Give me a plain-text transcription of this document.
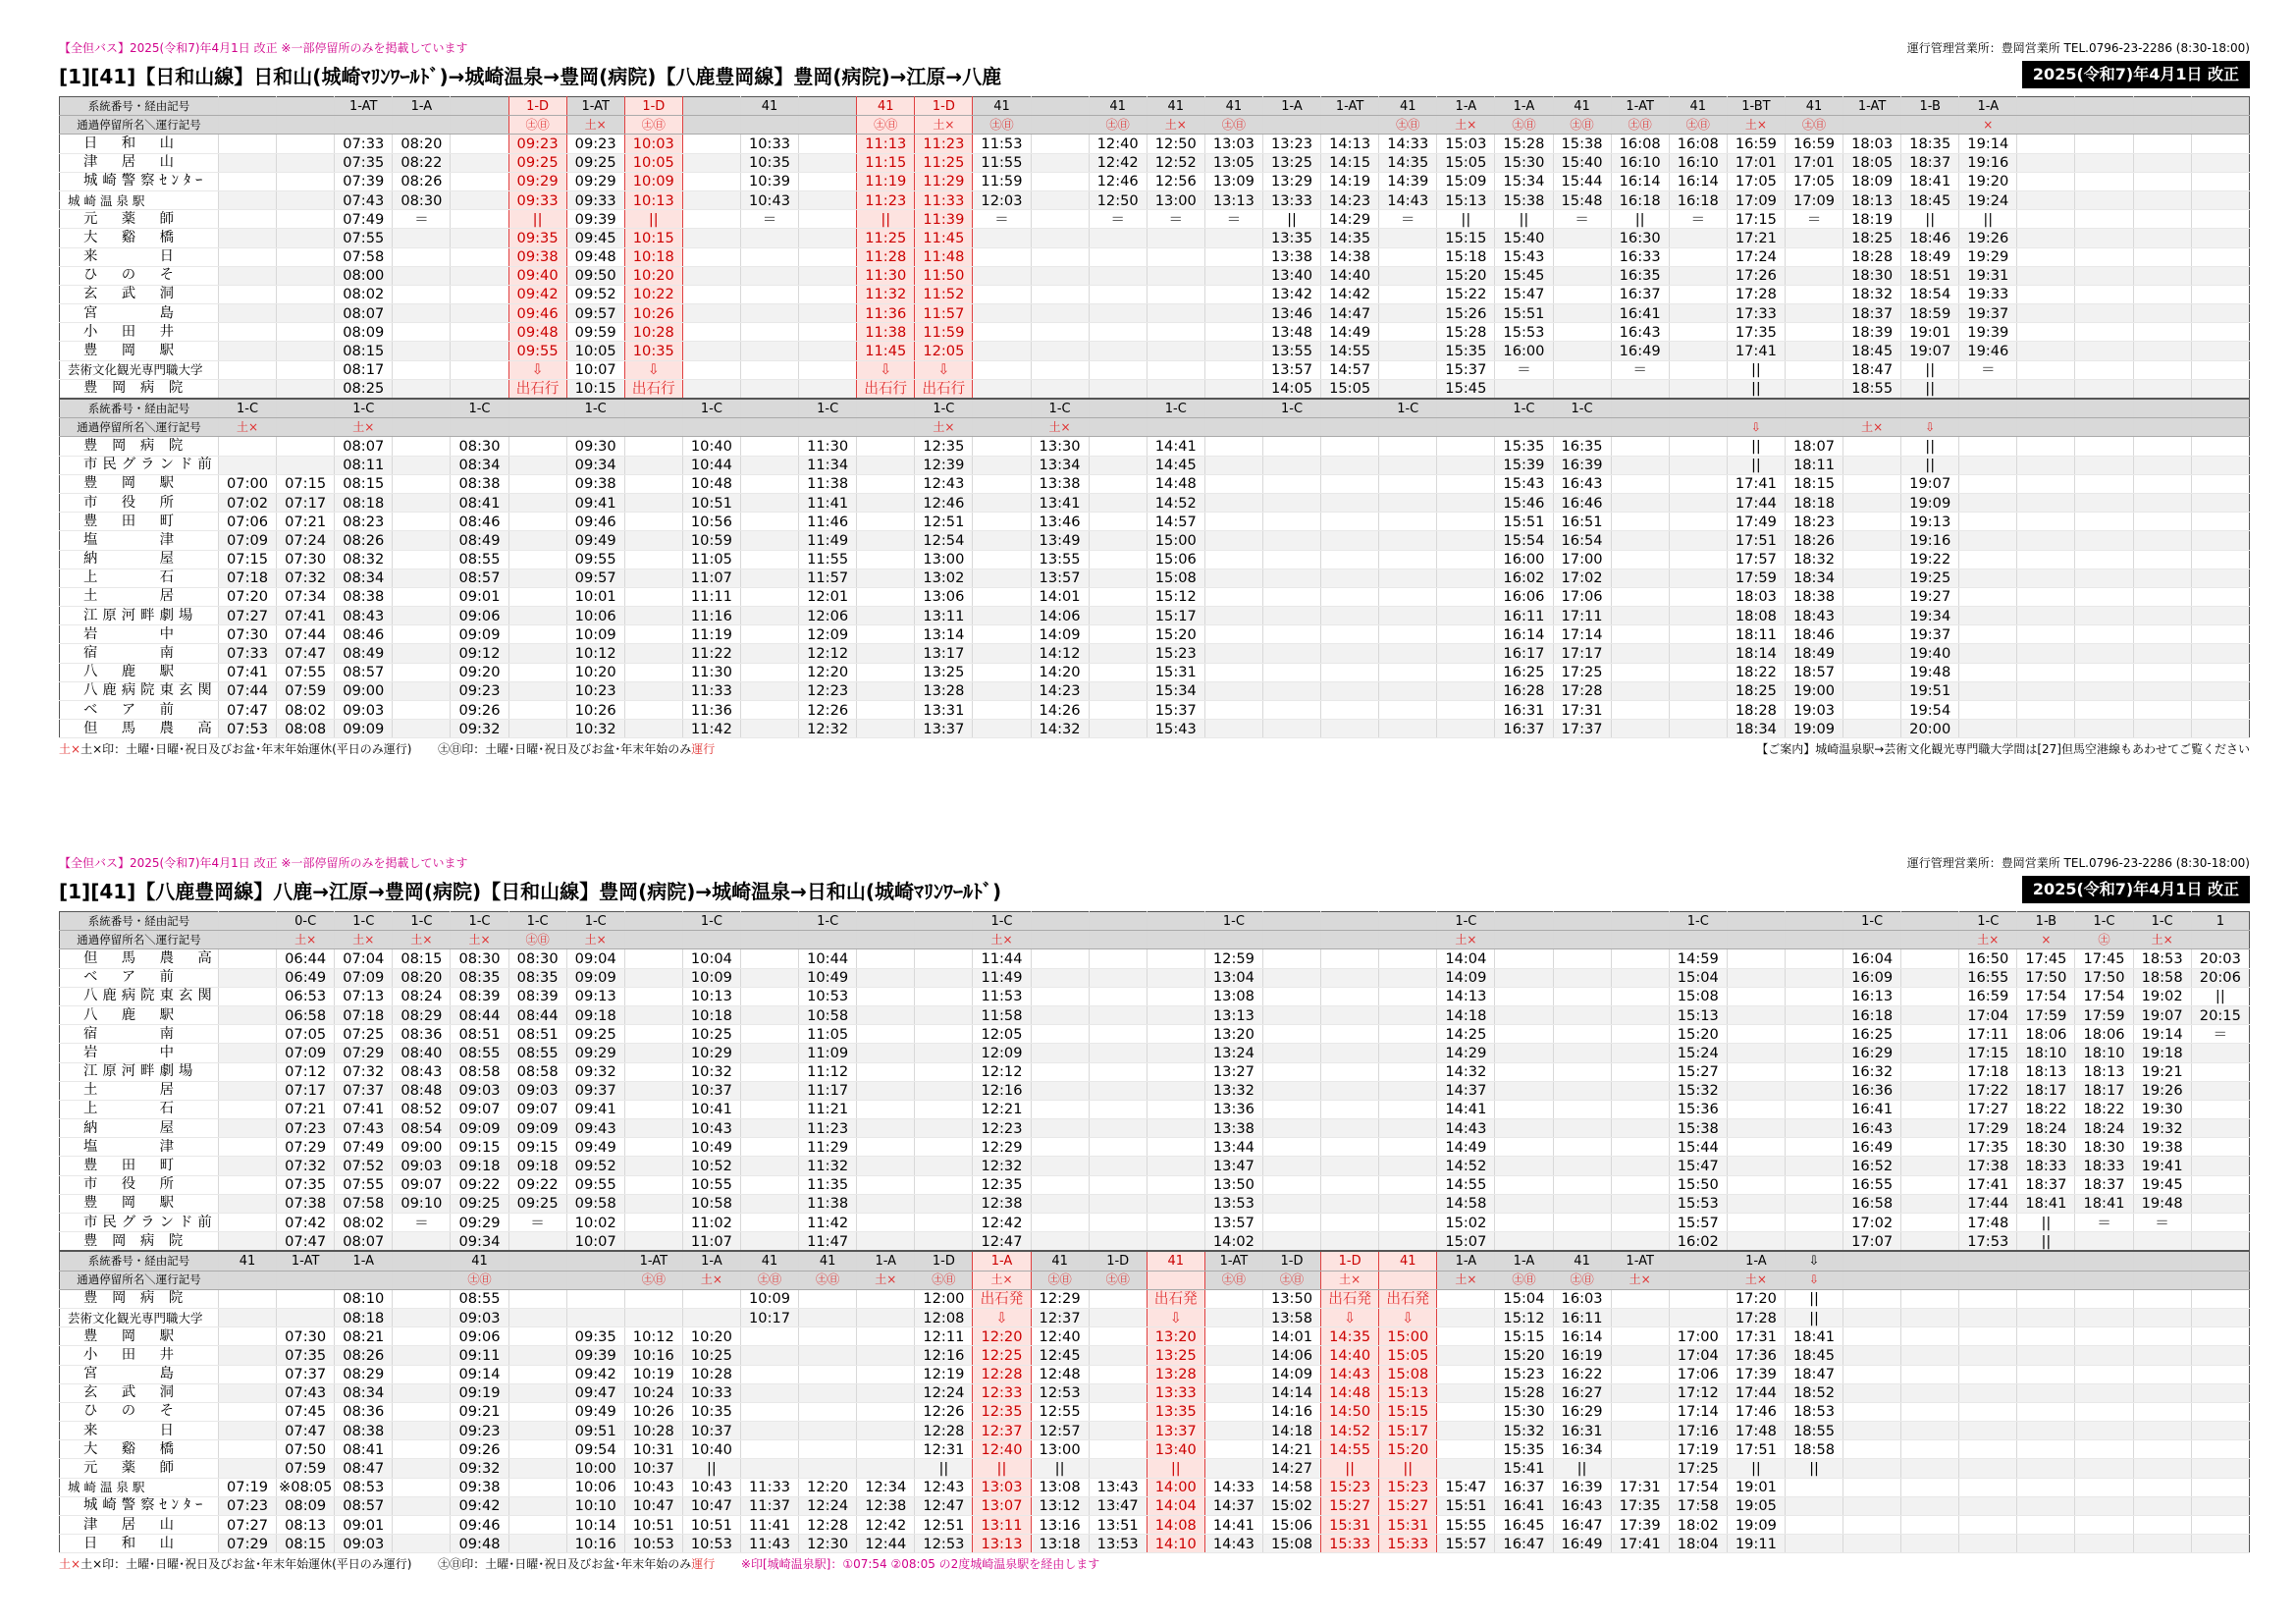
【全但バス】2025(令和7)年4月1日 改正 ※一部停留所のみを掲載しています	運行管理営業所：豊岡営業所 TEL.0796-23-2286 (8:30-18:00)
[1][41]【日和山線】日和山(城崎ﾏﾘﾝﾜｰﾙﾄﾞ)→城崎温泉→豊岡(病院)【八鹿豊岡線】豊岡(病院)→江原→八鹿	2025(令和7)年4月1日 改正
系統番号・経由記号			1-AT	1-A		1-D	1-AT	1-D		41		41	1-D	41		41	41	41	1-A	1-AT	41	1-A	1-A	41	1-AT	41	1-BT	41	1-AT	1-B	1-A				
通過停留所名＼運行記号						㊏㊐	土×	㊏㊐				㊏㊐	土×	㊏㊐		㊏㊐	土×	㊏㊐			㊏㊐	土×	㊏㊐	㊏㊐	㊏㊐	㊏㊐	土×	㊏㊐			×				
日　和　山			07:33	08:20		09:23	09:23	10:03		10:33		11:13	11:23	11:53		12:40	12:50	13:03	13:23	14:13	14:33	15:03	15:28	15:38	16:08	16:08	16:59	16:59	18:03	18:35	19:14				
津　居　山			07:35	08:22		09:25	09:25	10:05		10:35		11:15	11:25	11:55		12:42	12:52	13:05	13:25	14:15	14:35	15:05	15:30	15:40	16:10	16:10	17:01	17:01	18:05	18:37	19:16				
城崎警察ｾﾝﾀｰ			07:39	08:26		09:29	09:29	10:09		10:39		11:19	11:29	11:59		12:46	12:56	13:09	13:29	14:19	14:39	15:09	15:34	15:44	16:14	16:14	17:05	17:05	18:09	18:41	19:20				
城 崎 温 泉 駅			07:43	08:30		09:33	09:33	10:13		10:43		11:23	11:33	12:03		12:50	13:00	13:13	13:33	14:23	14:43	15:13	15:38	15:48	16:18	16:18	17:09	17:09	18:13	18:45	19:24				
元　薬　師			07:49	＝		||	09:39	||		＝		||	11:39	＝		＝	＝	＝	||	14:29	＝	||	||	＝	||	＝	17:15	＝	18:19	||	||				
大　谿　橋			07:55			09:35	09:45	10:15				11:25	11:45						13:35	14:35		15:15	15:40		16:30		17:21		18:25	18:46	19:26				
来　　　日			07:58			09:38	09:48	10:18				11:28	11:48						13:38	14:38		15:18	15:43		16:33		17:24		18:28	18:49	19:29				
ひ　の　そ			08:00			09:40	09:50	10:20				11:30	11:50						13:40	14:40		15:20	15:45		16:35		17:26		18:30	18:51	19:31				
玄　武　洞			08:02			09:42	09:52	10:22				11:32	11:52						13:42	14:42		15:22	15:47		16:37		17:28		18:32	18:54	19:33				
宮　　　島			08:07			09:46	09:57	10:26				11:36	11:57						13:46	14:47		15:26	15:51		16:41		17:33		18:37	18:59	19:37				
小　田　井			08:09			09:48	09:59	10:28				11:38	11:59						13:48	14:49		15:28	15:53		16:43		17:35		18:39	19:01	19:39				
豊　岡　駅			08:15			09:55	10:05	10:35				11:45	12:05						13:55	14:55		15:35	16:00		16:49		17:41		18:45	19:07	19:46				
芸術文化観光専門職大学			08:17			⇩	10:07	⇩				⇩	⇩						13:57	14:57		15:37	＝		＝		||		18:47	||	＝				
豊 岡 病 院			08:25			出石行	10:15	出石行				出石行	出石行						14:05	15:05		15:45					||		18:55	||					
系統番号・経由記号	1-C		1-C		1-C		1-C		1-C		1-C		1-C		1-C		1-C		1-C		1-C		1-C	1-C											
通過停留所名＼運行記号	土×		土×										土×		土×												⇩		土×	⇩					
豊 岡 病 院			08:07		08:30		09:30		10:40		11:30		12:35		13:30		14:41						15:35	16:35			||	18:07		||					
市民グランド前			08:11		08:34		09:34		10:44		11:34		12:39		13:34		14:45						15:39	16:39			||	18:11		||					
豊　岡　駅	07:00	07:15	08:15		08:38		09:38		10:48		11:38		12:43		13:38		14:48						15:43	16:43			17:41	18:15		19:07					
市　役　所	07:02	07:17	08:18		08:41		09:41		10:51		11:41		12:46		13:41		14:52						15:46	16:46			17:44	18:18		19:09					
豊　田　町	07:06	07:21	08:23		08:46		09:46		10:56		11:46		12:51		13:46		14:57						15:51	16:51			17:49	18:23		19:13					
塩　　　津	07:09	07:24	08:26		08:49		09:49		10:59		11:49		12:54		13:49		15:00						15:54	16:54			17:51	18:26		19:16					
納　　　屋	07:15	07:30	08:32		08:55		09:55		11:05		11:55		13:00		13:55		15:06						16:00	17:00			17:57	18:32		19:22					
上　　　石	07:18	07:32	08:34		08:57		09:57		11:07		11:57		13:02		13:57		15:08						16:02	17:02			17:59	18:34		19:25					
土　　　居	07:20	07:34	08:38		09:01		10:01		11:11		12:01		13:06		14:01		15:12						16:06	17:06			18:03	18:38		19:27					
江原河畔劇場	07:27	07:41	08:43		09:06		10:06		11:16		12:06		13:11		14:06		15:17						16:11	17:11			18:08	18:43		19:34					
岩　　　中	07:30	07:44	08:46		09:09		10:09		11:19		12:09		13:14		14:09		15:20						16:14	17:14			18:11	18:46		19:37					
宿　　　南	07:33	07:47	08:49		09:12		10:12		11:22		12:12		13:17		14:12		15:23						16:17	17:17			18:14	18:49		19:40					
八　鹿　駅	07:41	07:55	08:57		09:20		10:20		11:30		12:20		13:25		14:20		15:31						16:25	17:25			18:22	18:57		19:48					
八鹿病院東玄関	07:44	07:59	09:00		09:23		10:23		11:33		12:23		13:28		14:23		15:34						16:28	17:28			18:25	19:00		19:51					
ベ　ア　前	07:47	08:02	09:03		09:26		10:26		11:36		12:26		13:31		14:26		15:37						16:31	17:31			18:28	19:03		19:54					
但　馬　農　高	07:53	08:08	09:09		09:32		10:32		11:42		12:32		13:37		14:32		15:43						16:37	17:37			18:34	19:09		20:00					
土×土×印：土曜･日曜･祝日及びお盆･年末年始運休(平日のみ運行) ㊏㊐印：土曜･日曜･祝日及びお盆･年末年始のみ運行	【ご案内】城崎温泉駅→芸術文化観光専門職大学間は[27]但馬空港線もあわせてご覧ください
【全但バス】2025(令和7)年4月1日 改正 ※一部停留所のみを掲載しています	運行管理営業所：豊岡営業所 TEL.0796-23-2286 (8:30-18:00)
[1][41]【八鹿豊岡線】八鹿→江原→豊岡(病院)【日和山線】豊岡(病院)→城崎温泉→日和山(城崎ﾏﾘﾝﾜｰﾙﾄﾞ)	2025(令和7)年4月1日 改正
系統番号・経由記号		0-C	1-C	1-C	1-C	1-C	1-C		1-C		1-C			1-C				1-C				1-C				1-C			1-C		1-C	1-B	1-C	1-C	1
通過停留所名＼運行記号		土×	土×	土×	土×	㊏㊐	土×							土×								土×									土×	×	㊏	土×	
但　馬　農　高		06:44	07:04	08:15	08:30	08:30	09:04		10:04		10:44			11:44				12:59				14:04				14:59			16:04		16:50	17:45	17:45	18:53	20:03
ベ　ア　前		06:49	07:09	08:20	08:35	08:35	09:09		10:09		10:49			11:49				13:04				14:09				15:04			16:09		16:55	17:50	17:50	18:58	20:06
八鹿病院東玄関		06:53	07:13	08:24	08:39	08:39	09:13		10:13		10:53			11:53				13:08				14:13				15:08			16:13		16:59	17:54	17:54	19:02	||
八　鹿　駅		06:58	07:18	08:29	08:44	08:44	09:18		10:18		10:58			11:58				13:13				14:18				15:13			16:18		17:04	17:59	17:59	19:07	20:15
宿　　　南		07:05	07:25	08:36	08:51	08:51	09:25		10:25		11:05			12:05				13:20				14:25				15:20			16:25		17:11	18:06	18:06	19:14	＝
岩　　　中		07:09	07:29	08:40	08:55	08:55	09:29		10:29		11:09			12:09				13:24				14:29				15:24			16:29		17:15	18:10	18:10	19:18	
江原河畔劇場		07:12	07:32	08:43	08:58	08:58	09:32		10:32		11:12			12:12				13:27				14:32				15:27			16:32		17:18	18:13	18:13	19:21	
土　　　居		07:17	07:37	08:48	09:03	09:03	09:37		10:37		11:17			12:16				13:32				14:37				15:32			16:36		17:22	18:17	18:17	19:26	
上　　　石		07:21	07:41	08:52	09:07	09:07	09:41		10:41		11:21			12:21				13:36				14:41				15:36			16:41		17:27	18:22	18:22	19:30	
納　　　屋		07:23	07:43	08:54	09:09	09:09	09:43		10:43		11:23			12:23				13:38				14:43				15:38			16:43		17:29	18:24	18:24	19:32	
塩　　　津		07:29	07:49	09:00	09:15	09:15	09:49		10:49		11:29			12:29				13:44				14:49				15:44			16:49		17:35	18:30	18:30	19:38	
豊　田　町		07:32	07:52	09:03	09:18	09:18	09:52		10:52		11:32			12:32				13:47				14:52				15:47			16:52		17:38	18:33	18:33	19:41	
市　役　所		07:35	07:55	09:07	09:22	09:22	09:55		10:55		11:35			12:35				13:50				14:55				15:50			16:55		17:41	18:37	18:37	19:45	
豊　岡　駅		07:38	07:58	09:10	09:25	09:25	09:58		10:58		11:38			12:38				13:53				14:58				15:53			16:58		17:44	18:41	18:41	19:48	
市民グランド前		07:42	08:02	＝	09:29	＝	10:02		11:02		11:42			12:42				13:57				15:02				15:57			17:02		17:48	||	＝	＝	
豊 岡 病 院		07:47	08:07		09:34		10:07		11:07		11:47			12:47				14:02				15:07				16:02			17:07		17:53	||			
系統番号・経由記号	41	1-AT	1-A		41			1-AT	1-A	41	41	1-A	1-D	1-A	41	1-D	41	1-AT	1-D	1-D	41	1-A	1-A	41	1-AT		1-A	⇩							
通過停留所名＼運行記号					㊏㊐			㊏㊐	土×	㊏㊐	㊏㊐	土×	㊏㊐	土×	㊏㊐	㊏㊐		㊏㊐	㊏㊐	土×		土×	㊏㊐	㊏㊐	土×		土×	⇩							
豊 岡 病 院			08:10		08:55					10:09			12:00	出石発	12:29		出石発		13:50	出石発	出石発		15:04	16:03			17:20	||							
芸術文化観光専門職大学			08:18		09:03					10:17			12:08	⇩	12:37		⇩		13:58	⇩	⇩		15:12	16:11			17:28	||							
豊　岡　駅		07:30	08:21		09:06		09:35	10:12	10:20				12:11	12:20	12:40		13:20		14:01	14:35	15:00		15:15	16:14		17:00	17:31	18:41							
小　田　井		07:35	08:26		09:11		09:39	10:16	10:25				12:16	12:25	12:45		13:25		14:06	14:40	15:05		15:20	16:19		17:04	17:36	18:45							
宮　　　島		07:37	08:29		09:14		09:42	10:19	10:28				12:19	12:28	12:48		13:28		14:09	14:43	15:08		15:23	16:22		17:06	17:39	18:47							
玄　武　洞		07:43	08:34		09:19		09:47	10:24	10:33				12:24	12:33	12:53		13:33		14:14	14:48	15:13		15:28	16:27		17:12	17:44	18:52							
ひ　の　そ		07:45	08:36		09:21		09:49	10:26	10:35				12:26	12:35	12:55		13:35		14:16	14:50	15:15		15:30	16:29		17:14	17:46	18:53							
来　　　日		07:47	08:38		09:23		09:51	10:28	10:37				12:28	12:37	12:57		13:37		14:18	14:52	15:17		15:32	16:31		17:16	17:48	18:55							
大　谿　橋		07:50	08:41		09:26		09:54	10:31	10:40				12:31	12:40	13:00		13:40		14:21	14:55	15:20		15:35	16:34		17:19	17:51	18:58							
元　薬　師		07:59	08:47		09:32		10:00	10:37	||				||	||	||		||		14:27	||	||		15:41	||		17:25	||	||							
城 崎 温 泉 駅	07:19	※08:05	08:53		09:38		10:06	10:43	10:43	11:33	12:20	12:34	12:43	13:03	13:08	13:43	14:00	14:33	14:58	15:23	15:23	15:47	16:37	16:39	17:31	17:54	19:01								
城崎警察ｾﾝﾀｰ	07:23	08:09	08:57		09:42		10:10	10:47	10:47	11:37	12:24	12:38	12:47	13:07	13:12	13:47	14:04	14:37	15:02	15:27	15:27	15:51	16:41	16:43	17:35	17:58	19:05								
津　居　山	07:27	08:13	09:01		09:46		10:14	10:51	10:51	11:41	12:28	12:42	12:51	13:11	13:16	13:51	14:08	14:41	15:06	15:31	15:31	15:55	16:45	16:47	17:39	18:02	19:09								
日　和　山	07:29	08:15	09:03		09:48		10:16	10:53	10:53	11:43	12:30	12:44	12:53	13:13	13:18	13:53	14:10	14:43	15:08	15:33	15:33	15:57	16:47	16:49	17:41	18:04	19:11								
土×土×印：土曜･日曜･祝日及びお盆･年末年始運休(平日のみ運行) ㊏㊐印：土曜･日曜･祝日及びお盆･年末年始のみ運行 ※印[城崎温泉駅]：①07:54 ②08:05 の2度城崎温泉駅を経由します
